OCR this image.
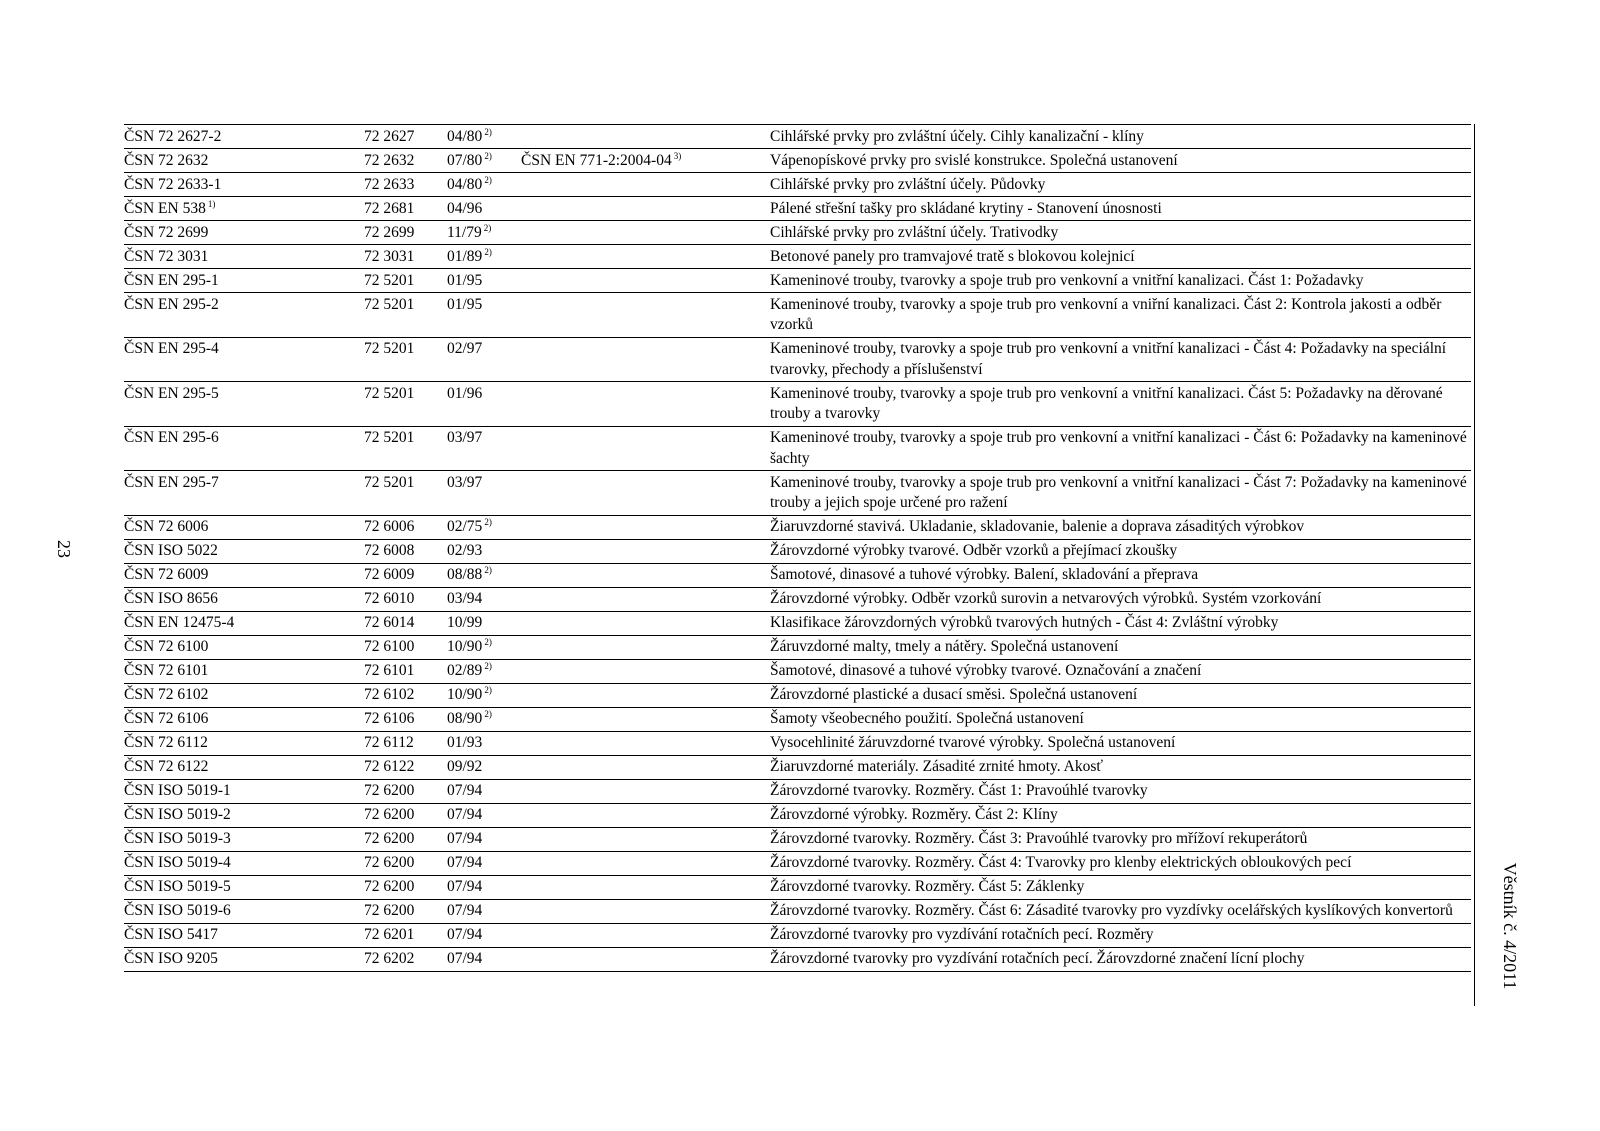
23
Věstník č. 4/2011
ČSN 72 2627-2	72 2627	04/80 $^{2)}$		Cihlářské prvky pro zvláštní účely. Cihly kanalizační - klíny
ČSN 72 2632	72 2632	07/80 $^{2)}$	ČSN EN 771-2:2004-04 $^{3)}$	Vápenopískové prvky pro svislé konstrukce. Společná ustanovení
ČSN 72 2633-1	72 2633	04/80 $^{2)}$		Cihlářské prvky pro zvláštní účely. Půdovky
ČSN EN 538 $^{1)}$	72 2681	04/96		Pálené střešní tašky pro skládané krytiny - Stanovení únosnosti
ČSN 72 2699	72 2699	11/79 $^{2)}$		Cihlářské prvky pro zvláštní účely. Trativodky
ČSN 72 3031	72 3031	01/89 $^{2)}$		Betonové panely pro tramvajové tratě s blokovou kolejnicí
ČSN EN 295-1	72 5201	01/95		Kameninové trouby, tvarovky a spoje trub pro venkovní a vnitřní kanalizaci. Část 1: Požadavky
ČSN EN 295-2	72 5201	01/95		Kameninové trouby, tvarovky a spoje trub pro venkovní a vniřní kanalizaci. Část 2: Kontrola jakosti a odběr vzorků
ČSN EN 295-4	72 5201	02/97		Kameninové trouby, tvarovky a spoje trub pro venkovní a vnitřní kanalizaci - Část 4: Požadavky na speciální tvarovky, přechody a příslušenství
ČSN EN 295-5	72 5201	01/96		Kameninové trouby, tvarovky a spoje trub pro venkovní a vnitřní kanalizaci. Část 5: Požadavky na děrované trouby a tvarovky
ČSN EN 295-6	72 5201	03/97		Kameninové trouby, tvarovky a spoje trub pro venkovní a vnitřní kanalizaci - Část 6: Požadavky na kameninové šachty
ČSN EN 295-7	72 5201	03/97		Kameninové trouby, tvarovky a spoje trub pro venkovní a vnitřní kanalizaci - Část 7: Požadavky na kameninové trouby a jejich spoje určené pro ražení
ČSN 72 6006	72 6006	02/75 $^{2)}$		Žiaruvzdorné stavivá. Ukladanie, skladovanie, balenie a doprava zásaditých výrobkov
ČSN ISO 5022	72 6008	02/93		Žárovzdorné výrobky tvarové. Odběr vzorků a přejímací zkoušky
ČSN 72 6009	72 6009	08/88 $^{2)}$		Šamotové, dinasové a tuhové výrobky. Balení, skladování a přeprava
ČSN ISO 8656	72 6010	03/94		Žárovzdorné výrobky. Odběr vzorků surovin a netvarových výrobků. Systém vzorkování
ČSN EN 12475-4	72 6014	10/99		Klasifikace žárovzdorných výrobků tvarových hutných - Část 4: Zvláštní výrobky
ČSN 72 6100	72 6100	10/90 $^{2)}$		Žáruvzdorné malty, tmely a nátěry. Společná ustanovení
ČSN 72 6101	72 6101	02/89 $^{2)}$		Šamotové, dinasové a tuhové výrobky tvarové. Označování a značení
ČSN 72 6102	72 6102	10/90 $^{2)}$		Žárovzdorné plastické a dusací směsi. Společná ustanovení
ČSN 72 6106	72 6106	08/90 $^{2)}$		Šamoty všeobecného použití. Společná ustanovení
ČSN 72 6112	72 6112	01/93		Vysocehlinité žáruvzdorné tvarové výrobky. Společná ustanovení
ČSN 72 6122	72 6122	09/92		Žiaruvzdorné materiály. Zásadité zrnité hmoty. Akosť
ČSN ISO 5019-1	72 6200	07/94		Žárovzdorné tvarovky. Rozměry. Část 1: Pravoúhlé tvarovky
ČSN ISO 5019-2	72 6200	07/94		Žárovzdorné výrobky. Rozměry. Část 2: Klíny
ČSN ISO 5019-3	72 6200	07/94		Žárovzdorné tvarovky. Rozměry. Část 3: Pravoúhlé tvarovky pro mřížoví rekuperátorů
ČSN ISO 5019-4	72 6200	07/94		Žárovzdorné tvarovky. Rozměry. Část 4: Tvarovky pro klenby elektrických obloukových pecí
ČSN ISO 5019-5	72 6200	07/94		Žárovzdorné tvarovky. Rozměry. Část 5: Záklenky
ČSN ISO 5019-6	72 6200	07/94		Žárovzdorné tvarovky. Rozměry. Část 6: Zásadité tvarovky pro vyzdívky ocelářských kyslíkových konvertorů
ČSN ISO 5417	72 6201	07/94		Žárovzdorné tvarovky pro vyzdívání rotačních pecí. Rozměry
ČSN ISO 9205	72 6202	07/94		Žárovzdorné tvarovky pro vyzdívání rotačních pecí. Žárovzdorné značení lícní plochy
